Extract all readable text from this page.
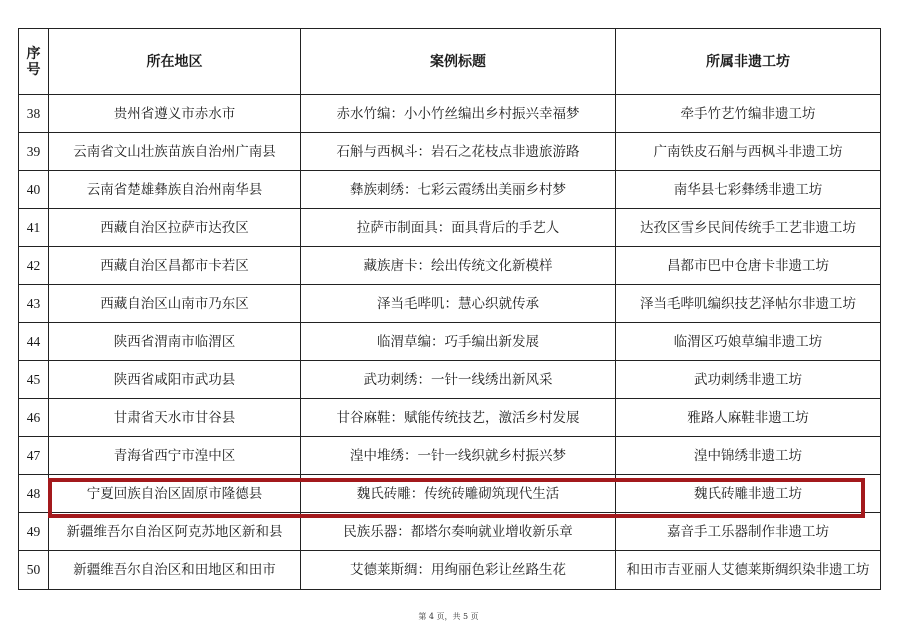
序
号	所在地区	案例标题	所属非遗工坊
38	贵州省遵义市赤水市	赤水竹编：小小竹丝编出乡村振兴幸福梦	牵手竹艺竹编非遗工坊
39	云南省文山壮族苗族自治州广南县	石斛与西枫斗：岩石之花枝点非遗旅游路	广南铁皮石斛与西枫斗非遗工坊
40	云南省楚雄彝族自治州南华县	彝族刺绣：七彩云霞绣出美丽乡村梦	南华县七彩彝绣非遗工坊
41	西藏自治区拉萨市达孜区	拉萨市制面具：面具背后的手艺人	达孜区雪乡民间传统手工艺非遗工坊
42	西藏自治区昌都市卡若区	藏族唐卡：绘出传统文化新模样	昌都市巴中仓唐卡非遗工坊
43	西藏自治区山南市乃东区	泽当毛哔叽：慧心织就传承	泽当毛哔叽编织技艺泽帖尔非遗工坊
44	陕西省渭南市临渭区	临渭草编：巧手编出新发展	临渭区巧娘草编非遗工坊
45	陕西省咸阳市武功县	武功刺绣：一针一线绣出新风采	武功刺绣非遗工坊
46	甘肃省天水市甘谷县	甘谷麻鞋：赋能传统技艺，激活乡村发展	雅路人麻鞋非遗工坊
47	青海省西宁市湟中区	湟中堆绣：一针一线织就乡村振兴梦	湟中锦绣非遗工坊
48	宁夏回族自治区固原市隆德县	魏氏砖雕：传统砖雕砌筑现代生活	魏氏砖雕非遗工坊
49	新疆维吾尔自治区阿克苏地区新和县	民族乐器：都塔尔奏响就业增收新乐章	嘉音手工乐器制作非遗工坊
50	新疆维吾尔自治区和田地区和田市	艾德莱斯绸：用绚丽色彩让丝路生花	和田市吉亚丽人艾德莱斯绸织染非遗工坊
第 4 页，共 5 页
